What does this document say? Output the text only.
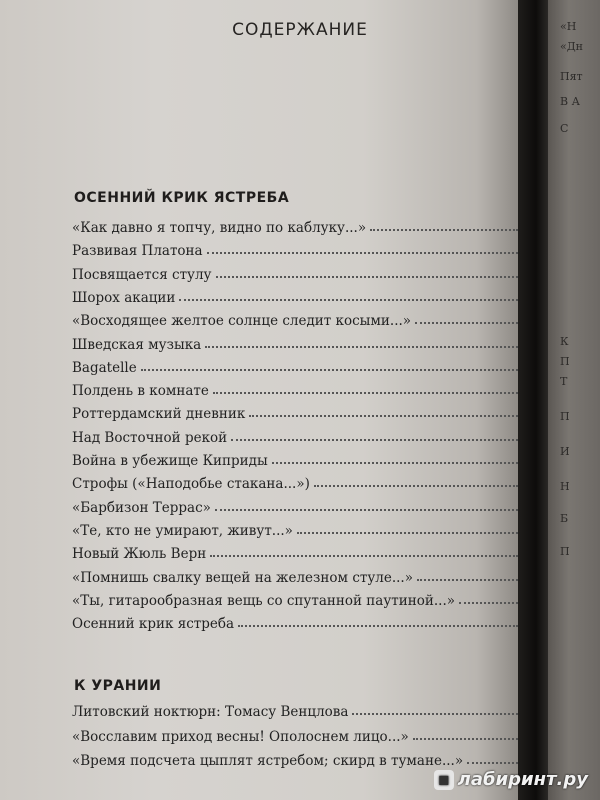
СОДЕРЖАНИЕ
ОСЕННИЙ КРИК ЯСТРЕБА
«Как давно я топчу, видно по каблуку...»
Развивая Платона
Посвящается стулу
Шорох акации
«Восходящее желтое солнце следит косыми...»
Шведская музыка
Bagatelle
Полдень в комнате
Роттердамский дневник
Над Восточной рекой
Война в убежище Киприды
Строфы («Наподобье стакана...»)
«Барбизон Террас»
«Те, кто не умирают, живут...»
Новый Жюль Верн
«Помнишь свалку вещей на железном стуле...»
«Ты, гитарообразная вещь со спутанной паутиной...»
Осенний крик ястреба
К УРАНИИ
Литовский ноктюрн: Томасу Венцлова
«Восславим приход весны! Ополоснем лицо...»
«Время подсчета цыплят ястребом; скирд в тумане...»
«Н
«Дн
Пят
В А
С
К
П
Т
П
И
Н
Б
П
◼ лабиринт.ру
